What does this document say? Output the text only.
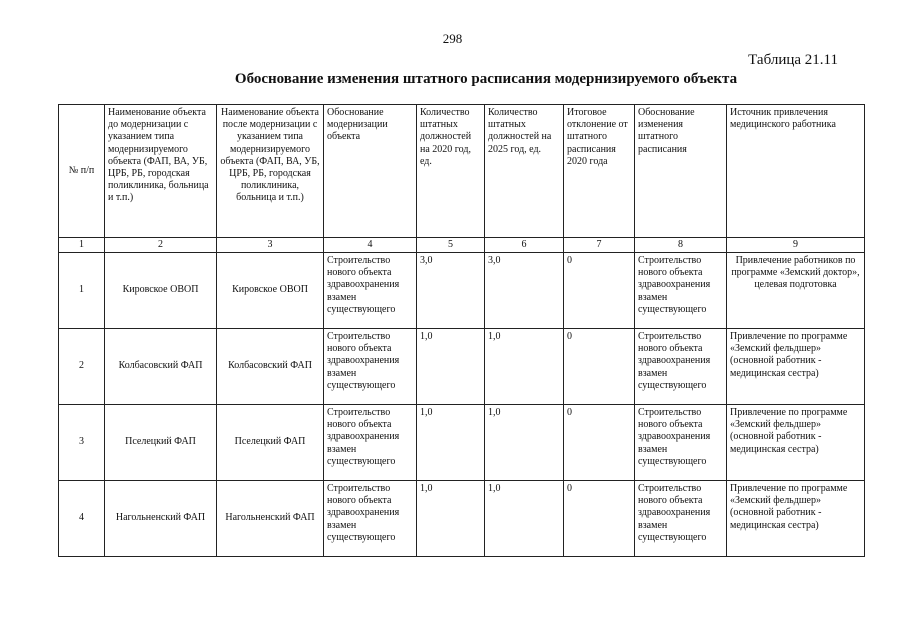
298
Таблица 21.11
Обоснование изменения штатного расписания модернизируемого объекта
№ п/п	Наименование объекта до модернизации с указанием типа модернизируемого объекта (ФАП, ВА, УБ, ЦРБ, РБ, городская поликлиника, больница и т.п.)	Наименование объекта после модернизации с указанием типа модернизируемого объекта (ФАП, ВА, УБ, ЦРБ, РБ, городская поликлиника, больница и т.п.)	Обоснование модернизации объекта	Количество штатных должностей на 2020 год, ед.	Количество штатных должностей на 2025 год, ед.	Итоговое отклонение от штатного расписания 2020 года	Обоснование изменения штатного расписания	Источник привлечения медицинского работника
1	2	3	4	5	6	7	8	9
1	Кировское ОВОП	Кировское ОВОП	Строительство нового объекта здравоохранения взамен существующего	3,0	3,0	0	Строительство нового объекта здравоохранения взамен существующего	Привлечение работников по программе «Земский доктор», целевая подготовка
2	Колбасовский ФАП	Колбасовский ФАП	Строительство нового объекта здравоохранения взамен существующего	1,0	1,0	0	Строительство нового объекта здравоохранения взамен существующего	Привлечение по программе «Земский фельдшер» (основной работник - медицинская сестра)
3	Пселецкий ФАП	Пселецкий ФАП	Строительство нового объекта здравоохранения взамен существующего	1,0	1,0	0	Строительство нового объекта здравоохранения взамен существующего	Привлечение по программе «Земский фельдшер» (основной работник - медицинская сестра)
4	Нагольненский ФАП	Нагольненский ФАП	Строительство нового объекта здравоохранения взамен существующего	1,0	1,0	0	Строительство нового объекта здравоохранения взамен существующего	Привлечение по программе «Земский фельдшер» (основной работник - медицинская сестра)
